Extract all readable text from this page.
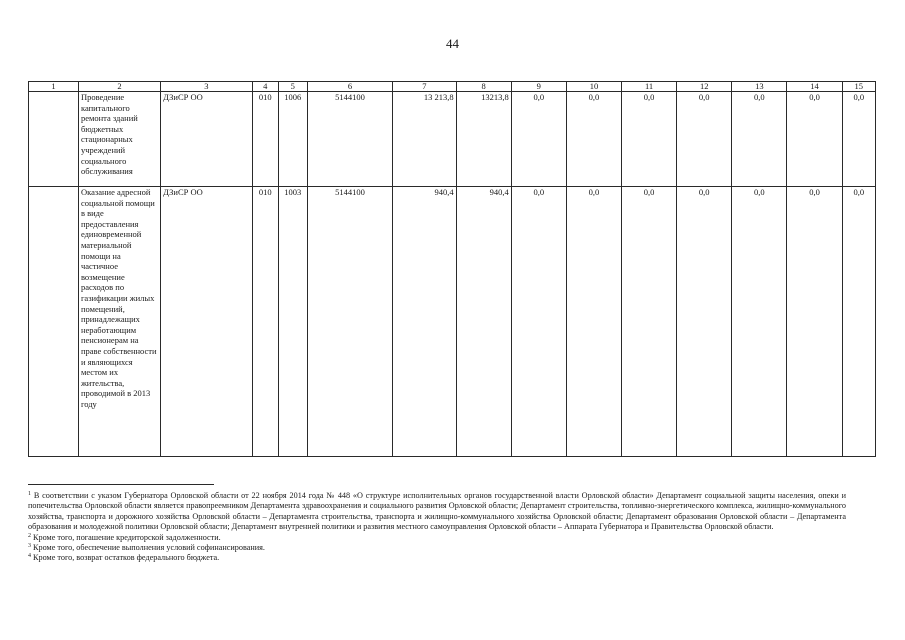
44
1	2	3	4	5	6	7	8	9	10	11	12	13	14	15
	Проведение капитального ремонта зданий бюджетных стационарных учреждений социального обслуживания	ДЗиСР ОО	010	1006	5144100	13 213,8	13213,8	0,0	0,0	0,0	0,0	0,0	0,0	0,0
	Оказание адресной социальной помощи в виде предоставления единовременной материальной помощи на частичное возмещение расходов по газификации жилых помещений, принадлежащих неработающим пенсионерам на праве собственности и являющихся местом их жительства, проводимой в 2013 году	ДЗиСР ОО	010	1003	5144100	940,4	940,4	0,0	0,0	0,0	0,0	0,0	0,0	0,0

$^1$ В соответствии с указом Губернатора Орловской области от 22 ноября 2014 года № 448 «О структуре исполнительных органов государственной власти Орловской области» Департамент социальной защиты населения, опеки и попечительства Орловской области является правопреемником Департамента здравоохранения и социального развития Орловской области; Департамент строительства, топливно-энергетического комплекса, жилищно-коммунального хозяйства, транспорта и дорожного хозяйства Орловской области – Департамента строительства, транспорта и жилищно-коммунального хозяйства Орловской области; Департамент образования Орловской области – Департамента образования и молодежной политики Орловской области; Департамент внутренней политики и развития местного самоуправления Орловской области – Аппарата Губернатора и Правительства Орловской области.

$^2$ Кроме того, погашение кредиторской задолженности.

$^3$ Кроме того, обеспечение выполнения условий софинансирования.

$^4$ Кроме того, возврат остатков федерального бюджета.
